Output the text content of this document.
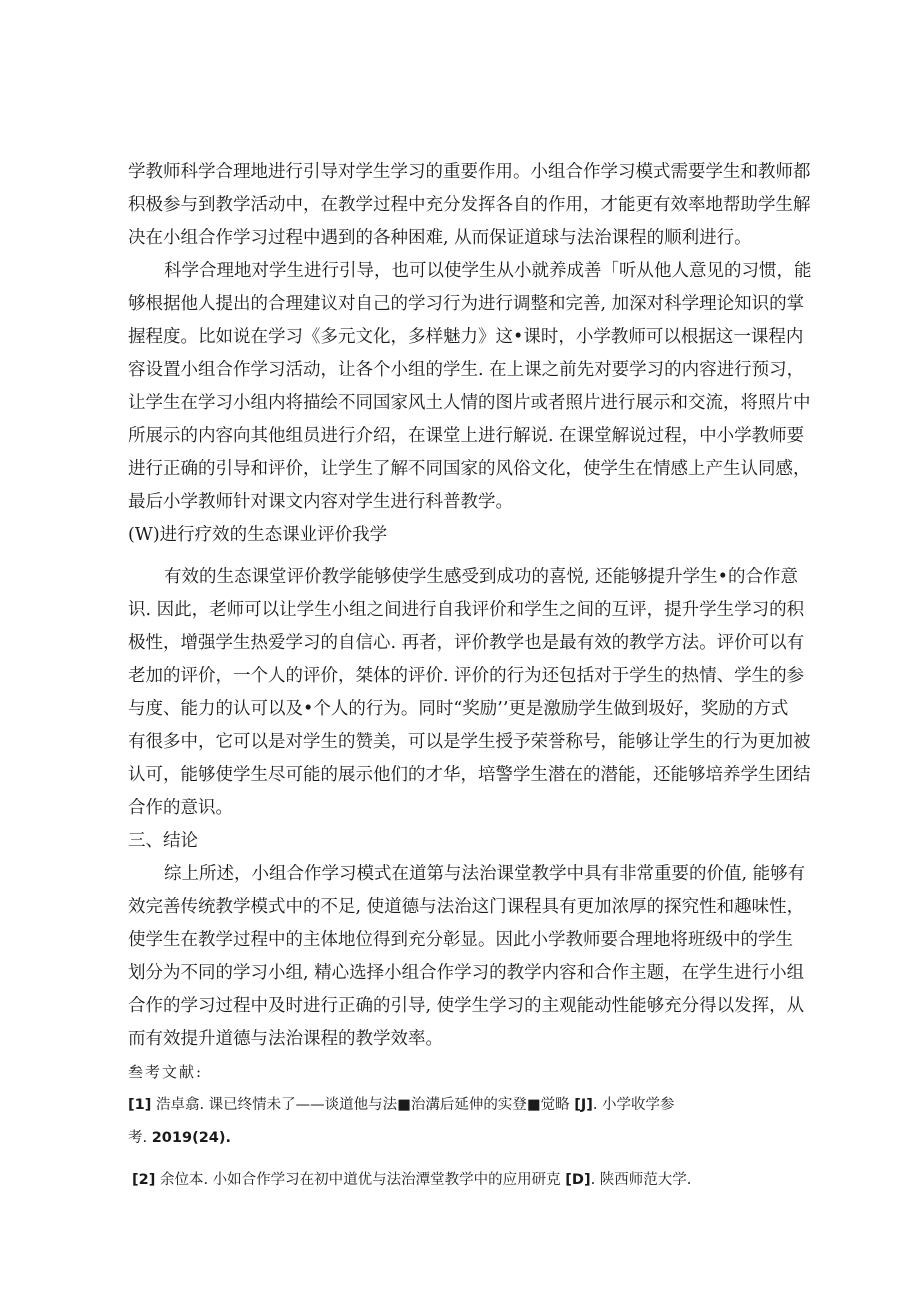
学教师科学合理地进行引导对学生学习的重要作用。小组合作学习模式需要学生和教师都
积极参与到教学活动中，在教学过程中充分发挥各自的作用，才能更有效率地帮助学生解
决在小组合作学习过程中遇到的各种困难, 从而保证道球与法治课程的顺利进行。
科学合理地对学生进行引导，也可以使学生从小就养成善「听从他人意见的习惯，能
够根据他人提出的合理建议对自己的学习行为进行调整和完善, 加深对科学理论知识的掌
握程度。比如说在学习《多元文化，多样魅力》这•课时，小学教师可以根据这一课程内
容设置小组合作学习活动，让各个小组的学生. 在上课之前先对要学习的内容进行预习，
让学生在学习小组内将描绘不同国家风土人情的图片或者照片进行展示和交流，将照片中
所展示的内容向其他组员进行介绍，在课堂上进行解说. 在课堂解说过程，中小学教师要
进行正确的引导和评价，让学生了解不同国家的风俗文化，使学生在情感上产生认同感，
最后小学教师针对课文内容对学生进行科普教学。
(W)进行疗效的生态课业评价我学
有效的生态课堂评价教学能够使学生感受到成功的喜悦, 还能够提升学生•的合作意
识. 因此，老师可以让学生小组之间进行自我评价和学生之间的互评，提升学生学习的积
极性，增强学生热爱学习的自信心. 再者，评价教学也是最有效的教学方法。评价可以有
老加的评价，一个人的评价，桀体的评价. 评价的行为还包括对于学生的热情、学生的参
与度、能力的认可以及•个人的行为。同时“奖励’’更是激励学生做到圾好，奖励的方式
有很多中，它可以是对学生的赞美，可以是学生授予荣誉称号，能够让学生的行为更加被
认可，能够使学生尽可能的展示他们的才华，培警学生潜在的潜能，还能够培养学生团结
合作的意识。
三、结论
综上所述，小组合作学习模式在道第与法治课堂教学中具有非常重要的价值, 能够有
效完善传统教学模式中的不足, 使道德与法治这门课程具有更加浓厚的探究性和趣味性，
使学生在教学过程中的主体地位得到充分彰显。因此小学教师要合理地将班级中的学生
划分为不同的学习小组, 精心选择小组合作学习的教学内容和合作主题，在学生进行小组
合作的学习过程中及时进行正确的引导, 使学生学习的主观能动性能够充分得以发挥，从
而有效提升道德与法治课程的教学效率。
叁考文献:
[1] 浩卓翕. 课已终情未了——谈道他与法■治溝后延伸的实登■觉略 [J]. 小学收学参
考. 2019(24).
[2] 余位本. 小如合作学习在初中道优与法治潭堂教学中的应用研克 [D]. 陕西师范大学.
